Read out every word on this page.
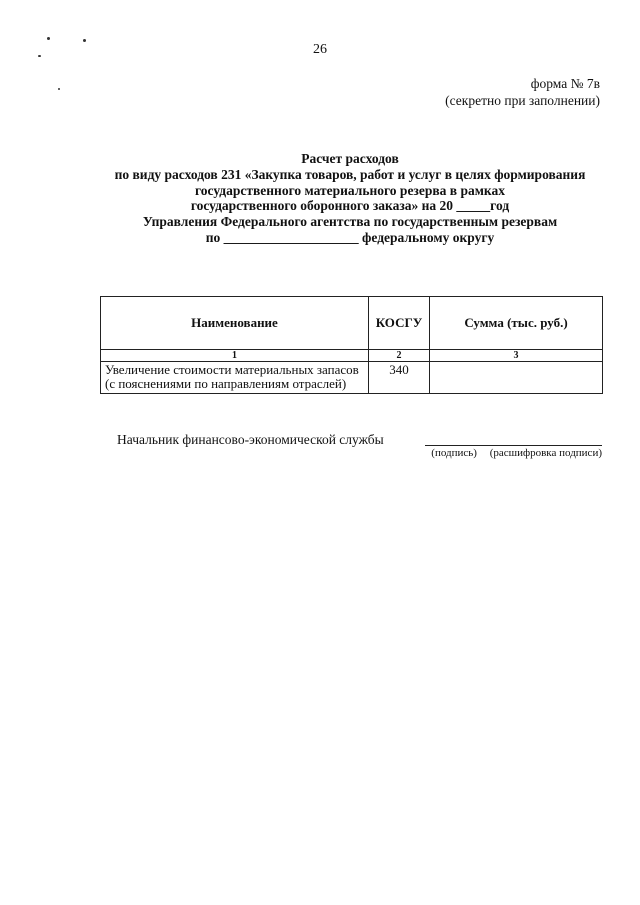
26
форма № 7в
(секретно при заполнении)
Расчет расходов
по виду расходов 231 «Закупка товаров, работ и услуг в целях формирования
государственного материального резерва в рамках
государственного оборонного заказа» на 20 _____год
Управления Федерального агентства по государственным резервам
по ____________________ федеральному округу
Наименование	КОСГУ	Сумма (тыс. руб.)
1	2	3
Увеличение стоимости материальных запасов (с пояснениями по направлениям отраслей)	340	
Начальник финансово-экономической службы
(подпись) (расшифровка подписи)
